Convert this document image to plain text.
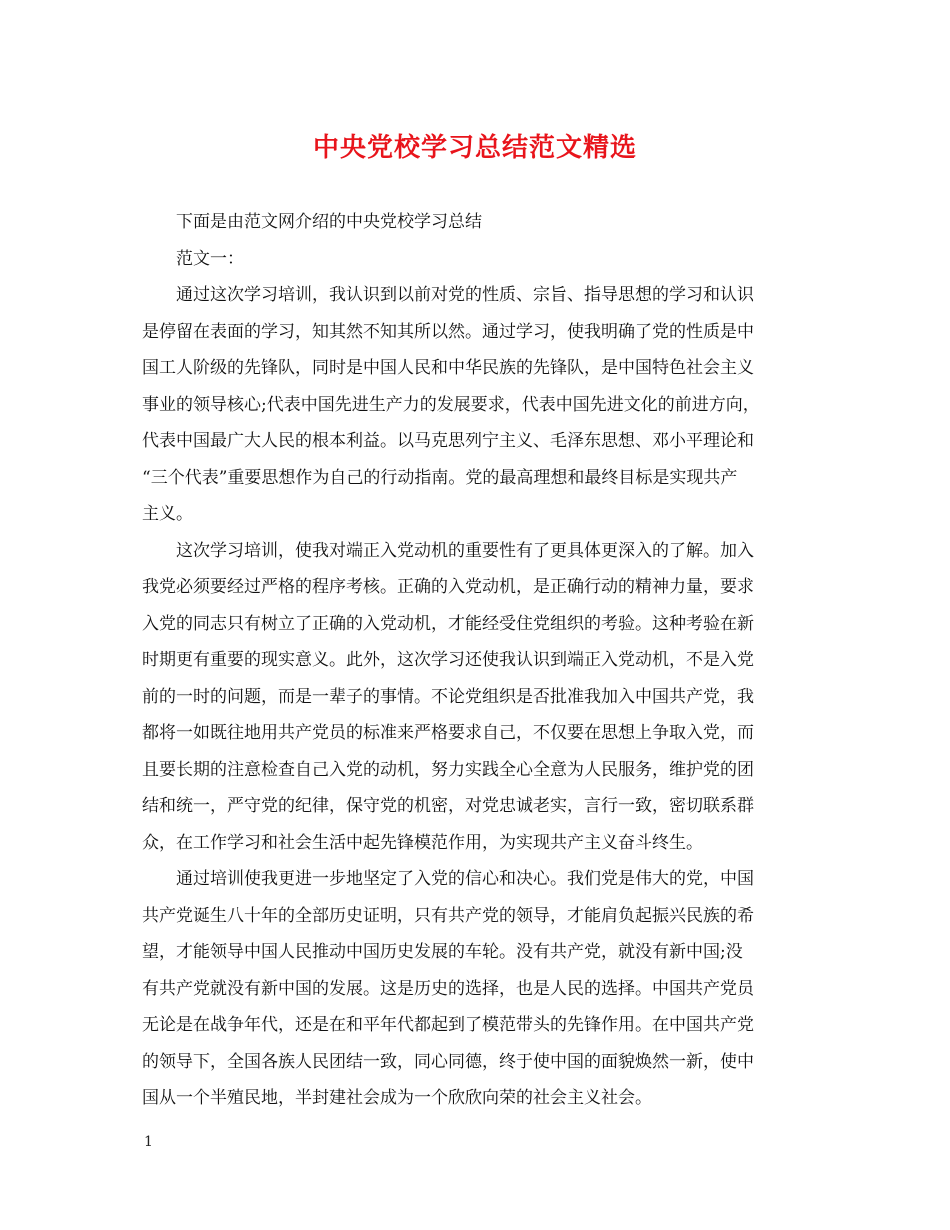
中央党校学习总结范文精选
下面是由范文网介绍的中央党校学习总结
范文一：
通过这次学习培训，我认识到以前对党的性质、宗旨、指导思想的学习和认识
是停留在表面的学习，知其然不知其所以然。通过学习，使我明确了党的性质是中
国工人阶级的先锋队，同时是中国人民和中华民族的先锋队，是中国特色社会主义
事业的领导核心;代表中国先进生产力的发展要求，代表中国先进文化的前进方向，
代表中国最广大人民的根本利益。以马克思列宁主义、毛泽东思想、邓小平理论和
“三个代表”重要思想作为自己的行动指南。党的最高理想和最终目标是实现共产
主义。
这次学习培训，使我对端正入党动机的重要性有了更具体更深入的了解。加入
我党必须要经过严格的程序考核。正确的入党动机，是正确行动的精神力量，要求
入党的同志只有树立了正确的入党动机，才能经受住党组织的考验。这种考验在新
时期更有重要的现实意义。此外，这次学习还使我认识到端正入党动机，不是入党
前的一时的问题，而是一辈子的事情。不论党组织是否批准我加入中国共产党，我
都将一如既往地用共产党员的标准来严格要求自己，不仅要在思想上争取入党，而
且要长期的注意检查自己入党的动机，努力实践全心全意为人民服务，维护党的团
结和统一，严守党的纪律，保守党的机密，对党忠诚老实，言行一致，密切联系群
众，在工作学习和社会生活中起先锋模范作用，为实现共产主义奋斗终生。
通过培训使我更进一步地坚定了入党的信心和决心。我们党是伟大的党，中国
共产党诞生八十年的全部历史证明，只有共产党的领导，才能肩负起振兴民族的希
望，才能领导中国人民推动中国历史发展的车轮。没有共产党，就没有新中国;没
有共产党就没有新中国的发展。这是历史的选择，也是人民的选择。中国共产党员
无论是在战争年代，还是在和平年代都起到了模范带头的先锋作用。在中国共产党
的领导下，全国各族人民团结一致，同心同德，终于使中国的面貌焕然一新，使中
国从一个半殖民地，半封建社会成为一个欣欣向荣的社会主义社会。
1
